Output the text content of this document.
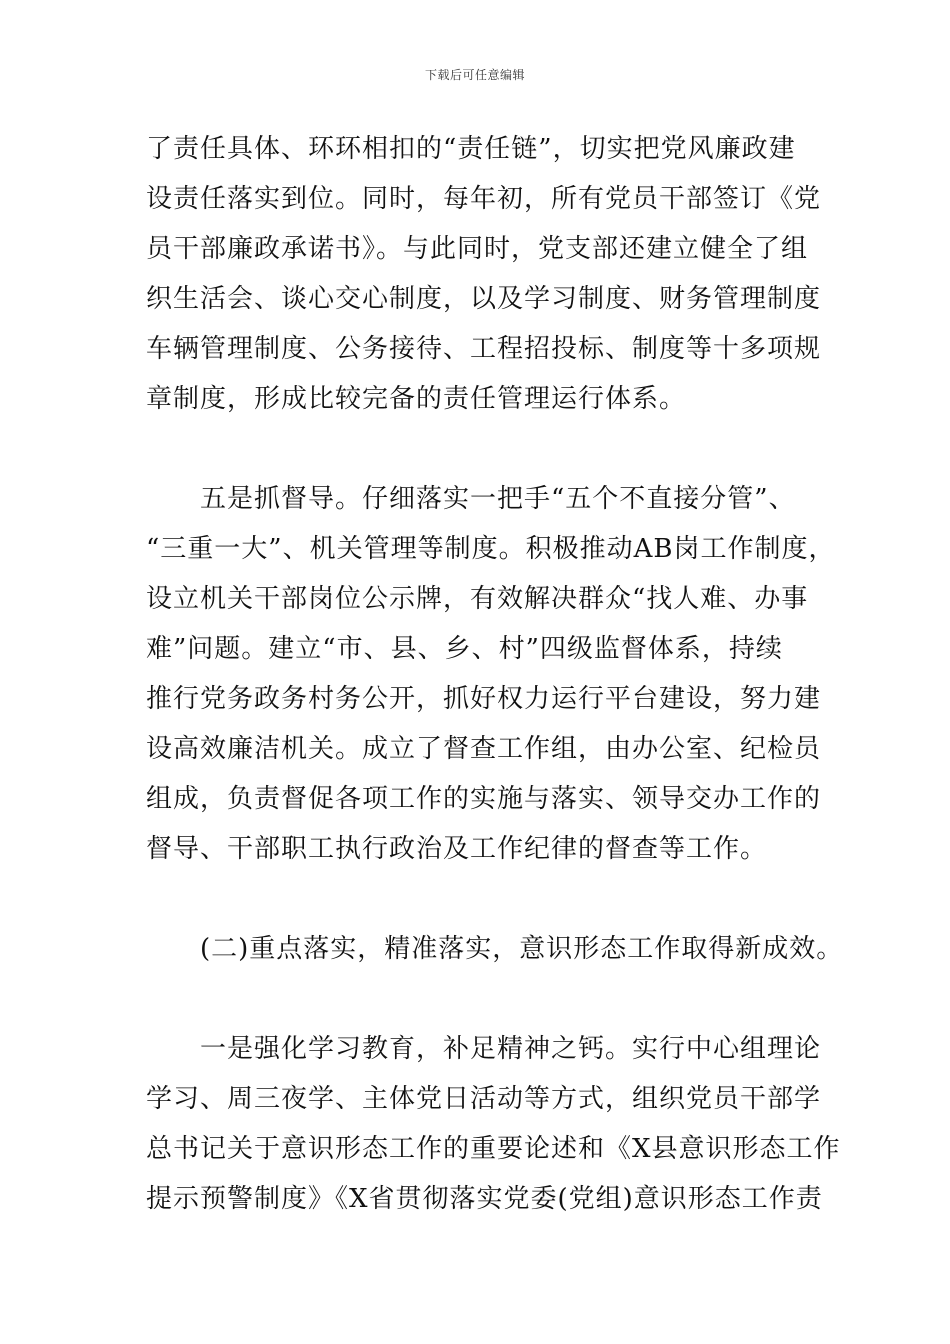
下载后可任意编辑
了责任具体、环环相扣的“责任链”，切实把党风廉政建
设责任落实到位。同时，每年初，所有党员干部签订《党
员干部廉政承诺书》。与此同时，党支部还建立健全了组
织生活会、谈心交心制度，以及学习制度、财务管理制度
车辆管理制度、公务接待、工程招投标、制度等十多项规
章制度，形成比较完备的责任管理运行体系。
五是抓督导。仔细落实一把手“五个不直接分管”、
“三重一大”、机关管理等制度。积极推动AB岗工作制度，
设立机关干部岗位公示牌，有效解决群众“找人难、办事
难”问题。建立“市、县、乡、村”四级监督体系，持续
推行党务政务村务公开，抓好权力运行平台建设，努力建
设高效廉洁机关。成立了督查工作组，由办公室、纪检员
组成，负责督促各项工作的实施与落实、领导交办工作的
督导、干部职工执行政治及工作纪律的督查等工作。
(二)重点落实，精准落实，意识形态工作取得新成效。
一是强化学习教育，补足精神之钙。实行中心组理论
学习、周三夜学、主体党日活动等方式，组织党员干部学
总书记关于意识形态工作的重要论述和《X县意识形态工作
提示预警制度》《X省贯彻落实党委(党组)意识形态工作责
